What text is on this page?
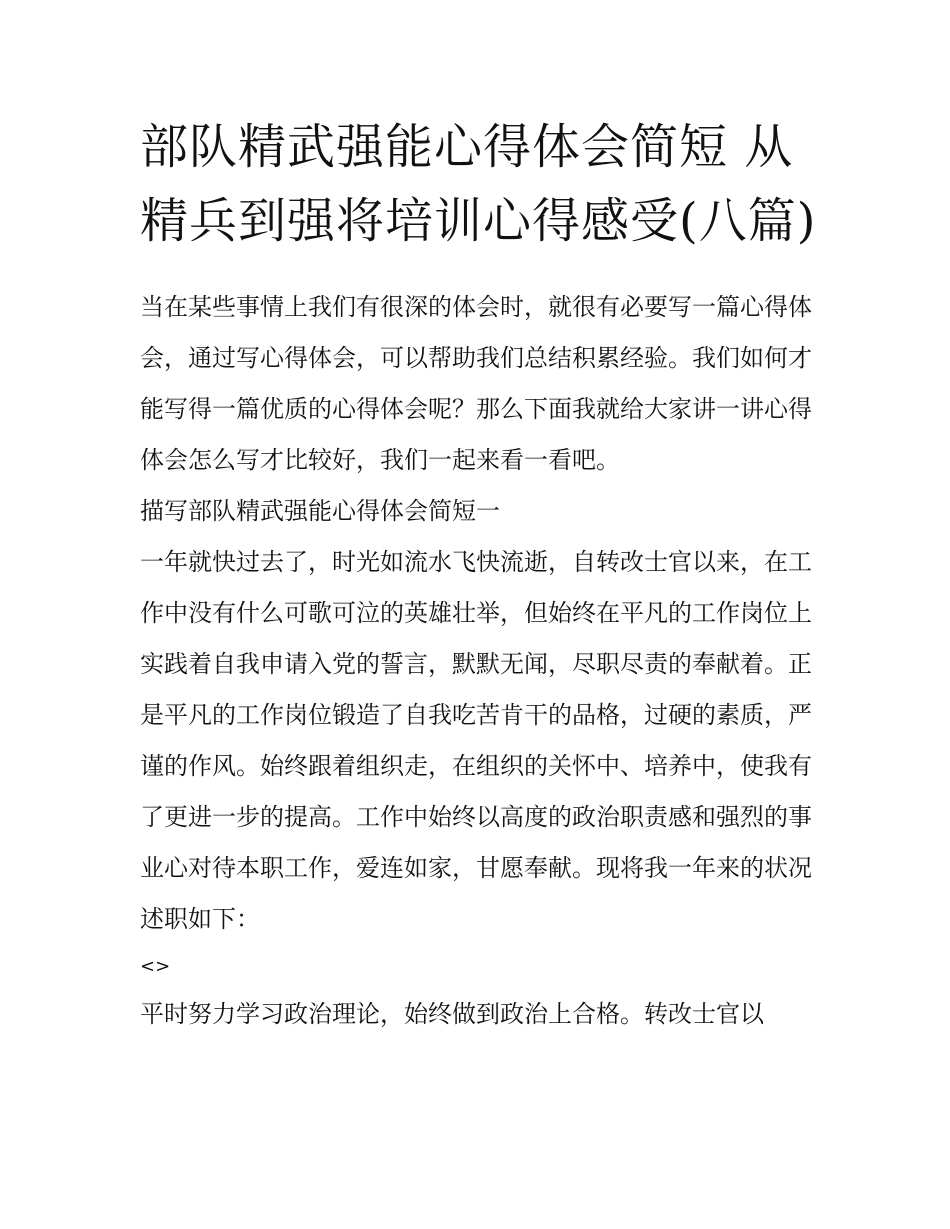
部队精武强能心得体会简短 从精兵到强将培训心得感受(八篇)

当在某些事情上我们有很深的体会时，就很有必要写一篇心得体会，通过写心得体会，可以帮助我们总结积累经验。我们如何才能写得一篇优质的心得体会呢？那么下面我就给大家讲一讲心得体会怎么写才比较好，我们一起来看一看吧。

描写部队精武强能心得体会简短一

一年就快过去了，时光如流水飞快流逝，自转改士官以来，在工作中没有什么可歌可泣的英雄壮举，但始终在平凡的工作岗位上实践着自我申请入党的誓言，默默无闻，尽职尽责的奉献着。正是平凡的工作岗位锻造了自我吃苦肯干的品格，过硬的素质，严谨的作风。始终跟着组织走，在组织的关怀中、培养中，使我有了更进一步的提高。工作中始终以高度的政治职责感和强烈的事业心对待本职工作，爱连如家，甘愿奉献。现将我一年来的状况述职如下：

<>

平时努力学习政治理论，始终做到政治上合格。转改士官以
